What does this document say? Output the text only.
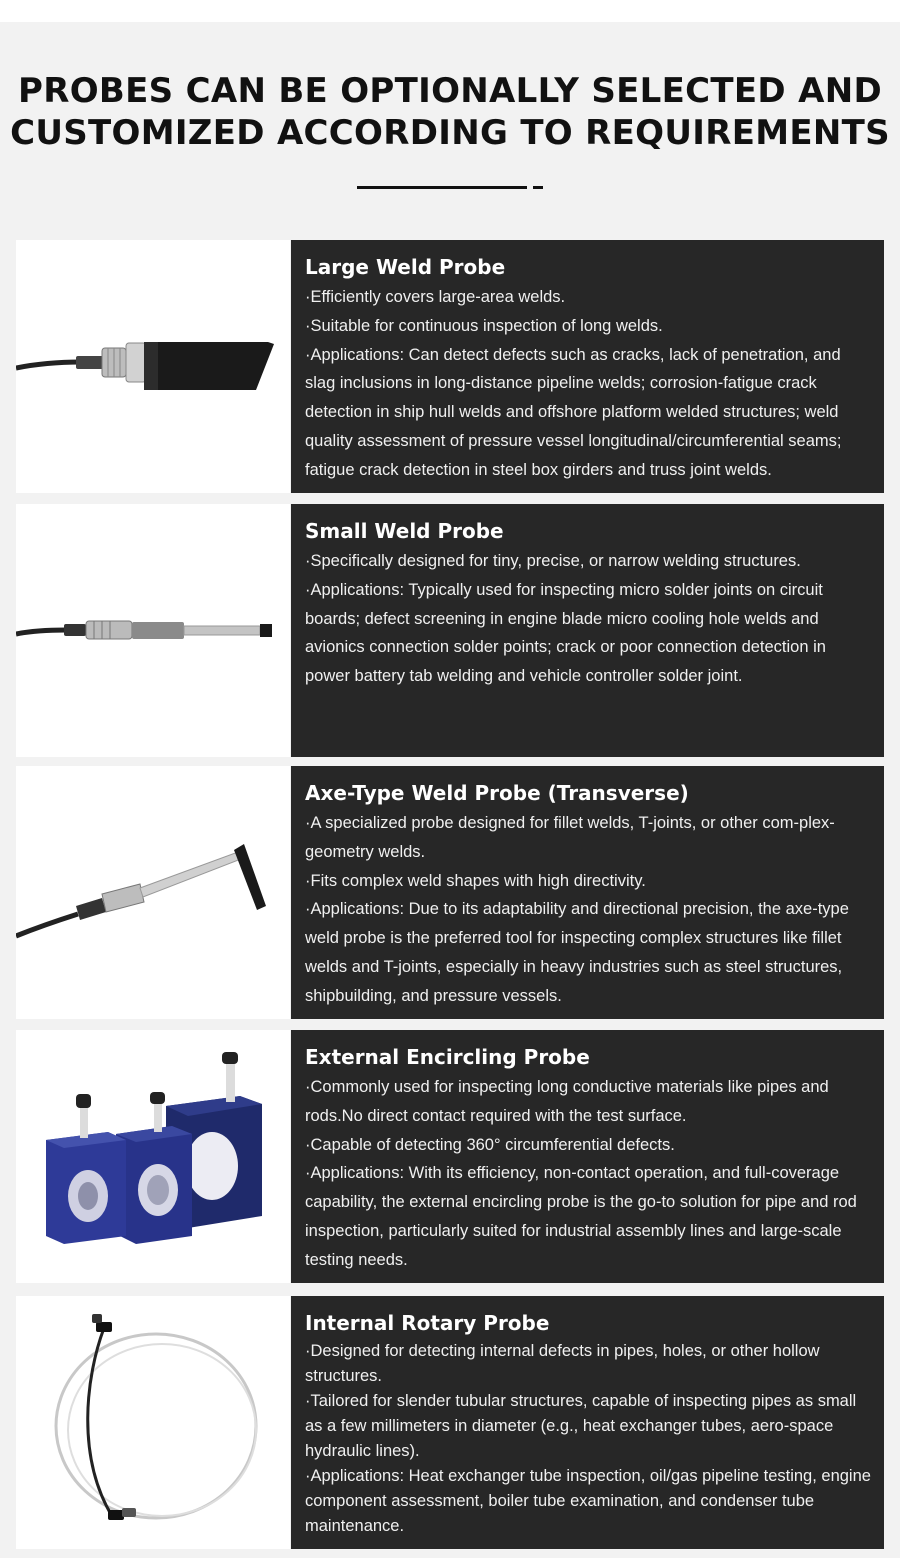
PROBES CAN BE OPTIONALLY SELECTED AND
CUSTOMIZED ACCORDING TO REQUIREMENTS
Large Weld Probe

·Efficiently covers large-area welds.

·Suitable for continuous inspection of long welds.

·Applications: Can detect defects such as cracks, lack of penetration, and slag inclusions in long-distance pipeline welds; corrosion-fatigue crack detection in ship hull welds and offshore platform welded structures; weld quality assessment of pressure vessel longitudinal/circumferential seams; fatigue crack detection in steel box girders and truss joint welds.

Small Weld Probe

·Specifically designed for tiny, precise, or narrow welding structures.

·Applications: Typically used for inspecting micro solder joints on circuit boards; defect screening in engine blade micro cooling hole welds and avionics connection solder points; crack or poor connection detection in power battery tab welding and vehicle controller solder joint.

Axe-Type Weld Probe (Transverse)

·A specialized probe designed for fillet welds, T-joints, or other com-plex-geometry welds.

·Fits complex weld shapes with high directivity.

·Applications: Due to its adaptability and directional precision, the axe-type weld probe is the preferred tool for inspecting complex structures like fillet welds and T-joints, especially in heavy industries such as steel structures, shipbuilding, and pressure vessels.

External Encircling Probe

·Commonly used for inspecting long conductive materials like pipes and rods.No direct contact required with the test surface.

·Capable of detecting 360° circumferential defects.

·Applications: With its efficiency, non-contact operation, and full-coverage capability, the external encircling probe is the go-to solution for pipe and rod inspection, particularly suited for industrial assembly lines and large-scale testing needs.

Internal Rotary Probe

·Designed for detecting internal defects in pipes, holes, or other hollow structures.

·Tailored for slender tubular structures, capable of inspecting pipes as small as a few millimeters in diameter (e.g., heat exchanger tubes, aero-space hydraulic lines).

·Applications: Heat exchanger tube inspection, oil/gas pipeline testing, engine component assessment, boiler tube examination, and condenser tube maintenance.
